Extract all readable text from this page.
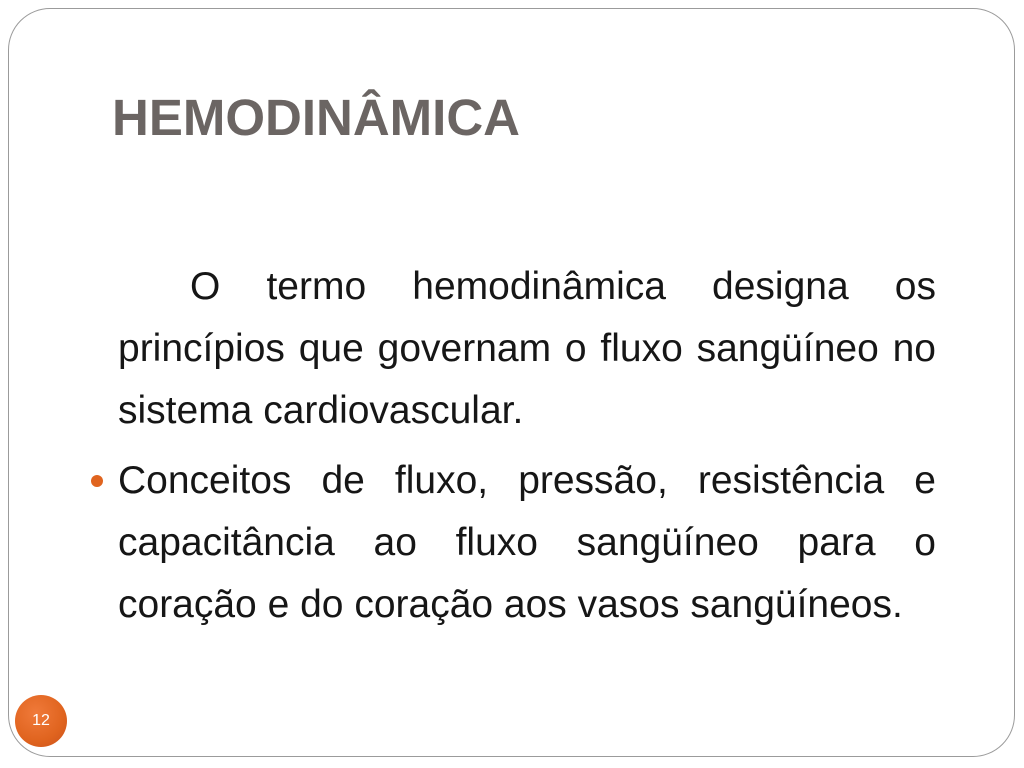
HEMODINÂMICA
O termo hemodinâmica designa os
princípios que governam o fluxo sangüíneo no
sistema cardiovascular.
Conceitos de fluxo, pressão, resistência e
capacitância ao fluxo sangüíneo para o
coração e do coração aos vasos sangüíneos.
12
